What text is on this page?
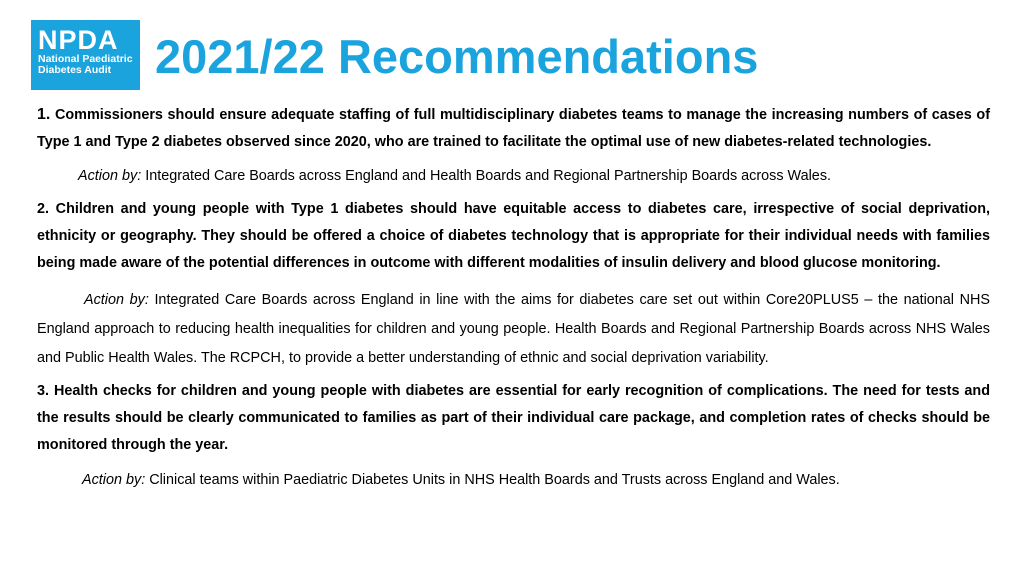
NPDA
National Paediatric
Diabetes Audit 2021/22 Recommendations

1. Commissioners should ensure adequate staffing of full multidisciplinary diabetes teams to manage the increasing numbers of cases of Type 1 and Type 2 diabetes observed since 2020, who are trained to facilitate the optimal use of new diabetes-related technologies.

Action by: Integrated Care Boards across England and Health Boards and Regional Partnership Boards across Wales.

2. Children and young people with Type 1 diabetes should have equitable access to diabetes care, irrespective of social deprivation, ethnicity or geography. They should be offered a choice of diabetes technology that is appropriate for their individual needs with families being made aware of the potential differences in outcome with different modalities of insulin delivery and blood glucose monitoring.

Action by: Integrated Care Boards across England in line with the aims for diabetes care set out within Core20PLUS5 – the national NHS England approach to reducing health inequalities for children and young people. Health Boards and Regional Partnership Boards across NHS Wales and Public Health Wales. The RCPCH, to provide a better understanding of ethnic and social deprivation variability.

3. Health checks for children and young people with diabetes are essential for early recognition of complications. The need for tests and the results should be clearly communicated to families as part of their individual care package, and completion rates of checks should be monitored through the year.

Action by: Clinical teams within Paediatric Diabetes Units in NHS Health Boards and Trusts across England and Wales.
